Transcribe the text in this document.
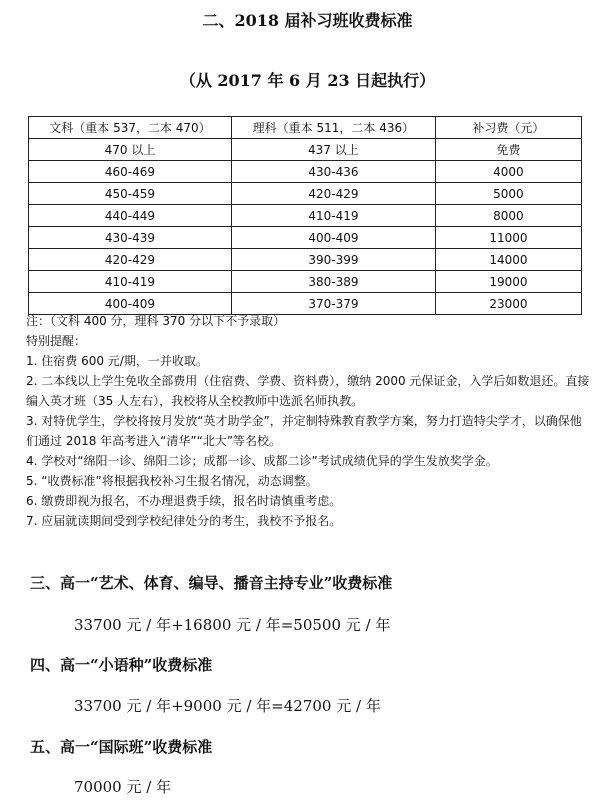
二、2018 届补习班收费标准
（从 2017 年 6 月 23 日起执行）
文科（重本 537，二本 470）	理科（重本 511，二本 436）	补习费（元）
470 以上	437 以上	免费
460-469	430-436	4000
450-459	420-429	5000
440-449	410-419	8000
430-439	400-409	11000
420-429	390-399	14000
410-419	380-389	19000
400-409	370-379	23000

注：（文科 400 分，理科 370 分以下不予录取）

特别提醒：

1. 住宿费 600 元/期，一并收取。

2. 二本线以上学生免收全部费用（住宿费、学费、资料费），缴纳 2000 元保证金，入学后如数退还。直接编入英才班（35 人左右），我校将从全校教师中选派名师执教。

3. 对特优学生，学校将按月发放“英才助学金”，并定制特殊教育教学方案，努力打造特尖学才，以确保他们通过 2018 年高考进入“清华”“北大”等名校。

4. 学校对“绵阳一诊、绵阳二诊；成都一诊、成都二诊”考试成绩优异的学生发放奖学金。

5. “收费标准”将根据我校补习生报名情况，动态调整。

6. 缴费即视为报名，不办理退费手续，报名时请慎重考虑。

7. 应届就读期间受到学校纪律处分的考生，我校不予报名。

三、高一“艺术、体育、编导、播音主持专业”收费标准
33700 元 / 年+16800 元 / 年=50500 元 / 年
四、高一“小语种”收费标准
33700 元 / 年+9000 元 / 年=42700 元 / 年
五、高一“国际班”收费标准
70000 元 / 年
